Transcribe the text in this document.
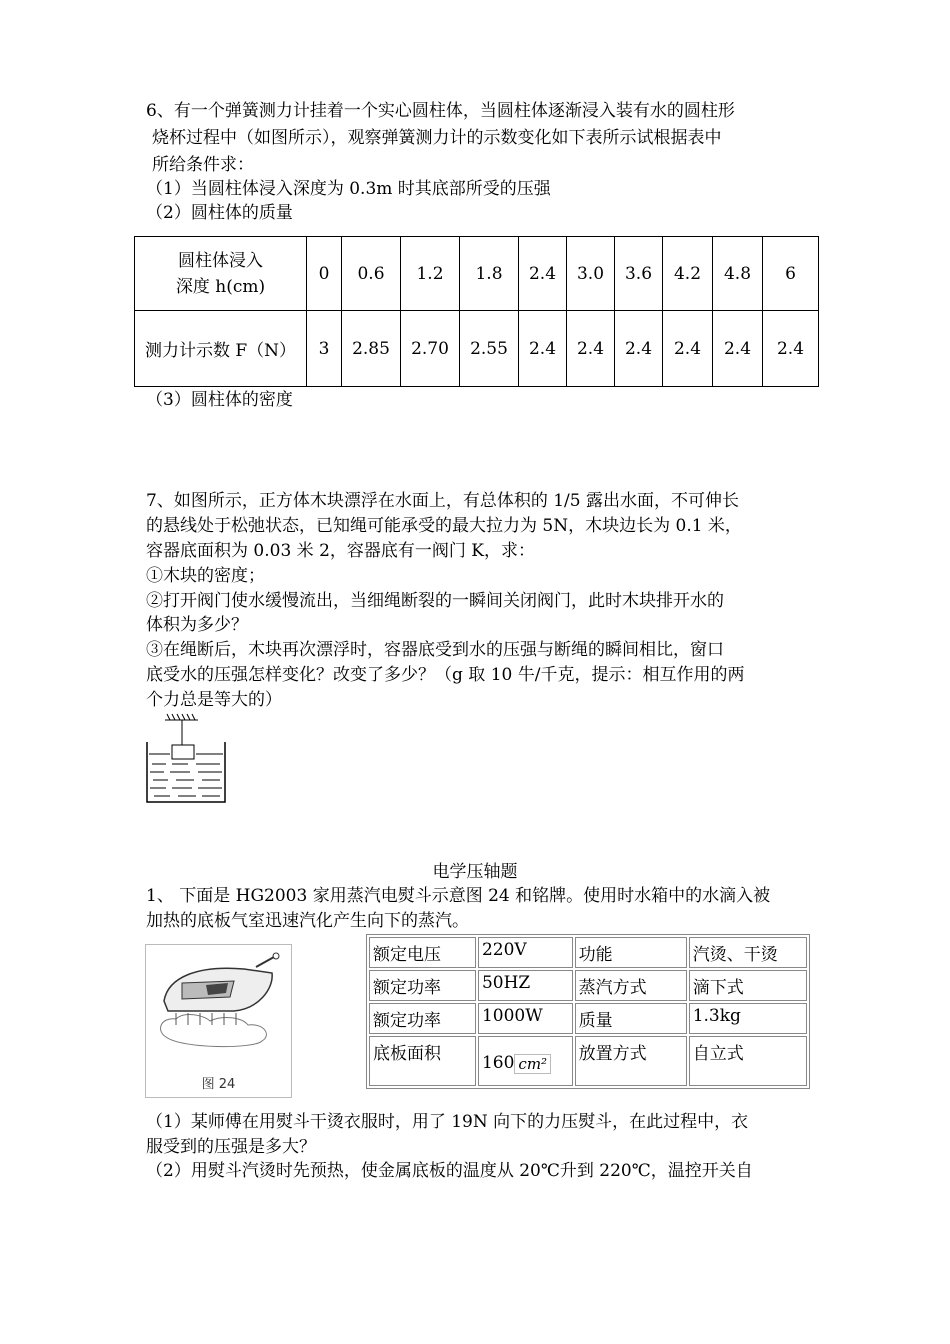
6、有一个弹簧测力计挂着一个实心圆柱体，当圆柱体逐渐浸入装有水的圆柱形
烧杯过程中（如图所示），观察弹簧测力计的示数变化如下表所示试根据表中
所给条件求：
（1）当圆柱体浸入深度为 0.3m 时其底部所受的压强
（2）圆柱体的质量
圆柱体浸入
深度 h(cm)	0	0.6	1.2	1.8	2.4	3.0	3.6	4.2	4.8	6
测力计示数 F（N）	3	2.85	2.70	2.55	2.4	2.4	2.4	2.4	2.4	2.4
（3）圆柱体的密度
7、如图所示，正方体木块漂浮在水面上，有总体积的 1/5 露出水面，不可伸长
的悬线处于松弛状态，已知绳可能承受的最大拉力为 5N，木块边长为 0.1 米，
容器底面积为 0.03 米 2，容器底有一阀门 K，求：
①木块的密度；
②打开阀门使水缓慢流出，当细绳断裂的一瞬间关闭阀门，此时木块排开水的
体积为多少？
③在绳断后，木块再次漂浮时，容器底受到水的压强与断绳的瞬间相比，窗口
底受水的压强怎样变化？改变了多少？（g 取 10 牛/千克，提示：相互作用的两
个力总是等大的）
电学压轴题
1、 下面是 HG2003 家用蒸汽电熨斗示意图 24 和铭牌。使用时水箱中的水滴入被
加热的底板气室迅速汽化产生向下的蒸汽。
图 24
额定电压	220V	功能	汽烫、干烫
额定功率	50HZ	蒸汽方式	滴下式
额定功率	1000W	质量	1.3kg
底板面积	160 cm²	放置方式	自立式
（1）某师傅在用熨斗干烫衣服时，用了 19N 向下的力压熨斗，在此过程中，衣
服受到的压强是多大？
（2）用熨斗汽烫时先预热，使金属底板的温度从 20℃升到 220℃，温控开关自
